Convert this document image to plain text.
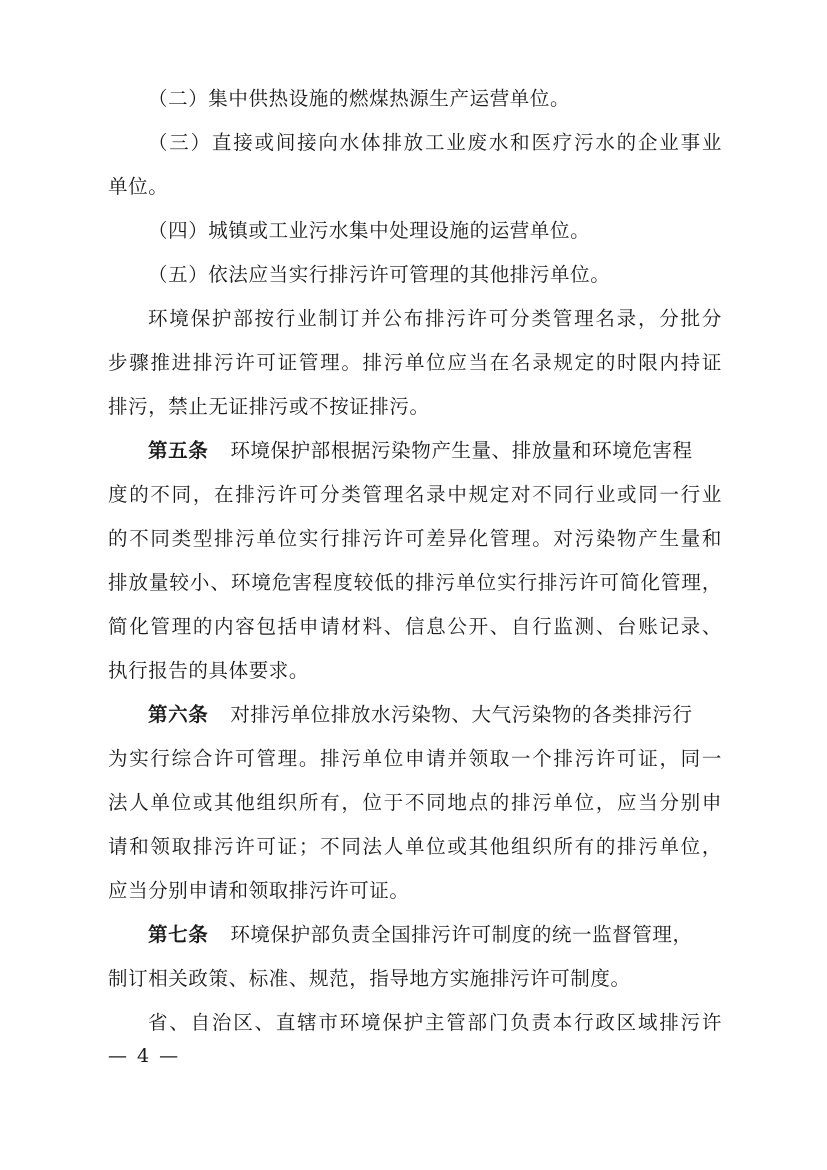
（二）集中供热设施的燃煤热源生产运营单位。
（三）直接或间接向水体排放工业废水和医疗污水的企业事业
单位。
（四）城镇或工业污水集中处理设施的运营单位。
（五）依法应当实行排污许可管理的其他排污单位。
环境保护部按行业制订并公布排污许可分类管理名录，分批分
步骤推进排污许可证管理。排污单位应当在名录规定的时限内持证
排污，禁止无证排污或不按证排污。
第五条 环境保护部根据污染物产生量、排放量和环境危害程
度的不同，在排污许可分类管理名录中规定对不同行业或同一行业
的不同类型排污单位实行排污许可差异化管理。对污染物产生量和
排放量较小、环境危害程度较低的排污单位实行排污许可简化管理，
简化管理的内容包括申请材料、信息公开、自行监测、台账记录、
执行报告的具体要求。
第六条 对排污单位排放水污染物、大气污染物的各类排污行
为实行综合许可管理。排污单位申请并领取一个排污许可证，同一
法人单位或其他组织所有，位于不同地点的排污单位，应当分别申
请和领取排污许可证；不同法人单位或其他组织所有的排污单位，
应当分别申请和领取排污许可证。
第七条 环境保护部负责全国排污许可制度的统一监督管理，
制订相关政策、标准、规范，指导地方实施排污许可制度。
— 4 —
省、自治区、直辖市环境保护主管部门负责本行政区域排污许
